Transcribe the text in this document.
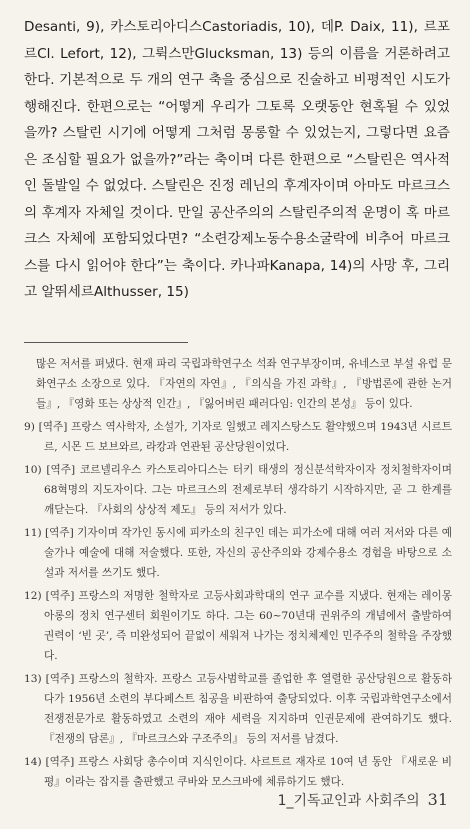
Desanti, 9), 카스토리아디스Castoriadis, 10), 데P. Daix, 11), 르포르Cl. Lefort, 12), 그뤽스만Glucksman, 13) 등의 이름을 거론하려고 한다. 기본적으로 두 개의 연구 축을 중심으로 진술하고 비평적인 시도가 행해진다. 한편으로는 “어떻게 우리가 그토록 오랫동안 현혹될 수 있었을까? 스탈린 시기에 어떻게 그처럼 몽롱할 수 있었는지, 그렇다면 요즘은 조심할 필요가 없을까?”라는 축이며 다른 한편으로 “스탈린은 역사적인 돌발일 수 없었다. 스탈린은 진정 레닌의 후계자이며 아마도 마르크스의 후계자 자체일 것이다. 만일 공산주의의 스탈린주의적 운명이 혹 마르크스 자체에 포함되었다면? “소련강제노동수용소굴락에 비추어 마르크스를 다시 읽어야 한다”는 축이다. 카나파Kanapa, 14)의 사망 후, 그리고 알뛰세르Althusser, 15)

많은 저서를 펴냈다. 현재 파리 국립과학연구소 석좌 연구부장이며, 유네스코 부설 유럽 문화연구소 소장으로 있다. 『자연의 자연』, 『의식을 가진 과학』, 『방법론에 관한 논거들』, 『영화 또는 상상적 인간』, 『잃어버린 패러다임: 인간의 본성』 등이 있다.

9) [역주] 프랑스 역사학자, 소설가, 기자로 일했고 레지스탕스도 활약했으며 1943년 시르트르, 시몬 드 보브와르, 라캉과 연관된 공산당원이었다.

10) [역주] 코르넬리우스 카스토리아디스는 터키 태생의 정신분석학자이자 정치철학자이며 68혁명의 지도자이다. 그는 마르크스의 전제로부터 생각하기 시작하지만, 곧 그 한계를 깨닫는다. 『사회의 상상적 제도』 등의 저서가 있다.

11) [역주] 기자이며 작가인 동시에 피카소의 친구인 데는 피가소에 대해 여러 저서와 다른 예술가나 예술에 대해 저술했다. 또한, 자신의 공산주의와 강제수용소 경험을 바탕으로 소설과 저서를 쓰기도 했다.

12) [역주] 프랑스의 저명한 철학자로 고등사회과학대의 연구 교수를 지냈다. 현재는 레이몽 아롱의 정치 연구센터 회원이기도 하다. 그는 60~70년대 권위주의 개념에서 출발하여 권력이 ‘빈 곳’, 즉 미완성되어 끝없이 세워져 나가는 정치체제인 민주주의 철학을 주장했다.

13) [역주] 프랑스의 철학자. 프랑스 고등사범학교를 졸업한 후 열렬한 공산당원으로 활동하다가 1956년 소련의 부다페스트 침공을 비판하여 출당되었다. 이후 국립과학연구소에서 전쟁전문가로 활동하였고 소련의 재야 세력을 지지하며 인권문제에 관여하기도 했다. 『전쟁의 담론』, 『마르크스와 구조주의』 등의 저서를 남겼다.

14) [역주] 프랑스 사회당 총수이며 지식인이다. 사르트르 재자로 10여 년 동안 『새로운 비평』이라는 잡지를 출판했고 쿠바와 모스크바에 체류하기도 했다.

1_기독교인과 사회주의 31
